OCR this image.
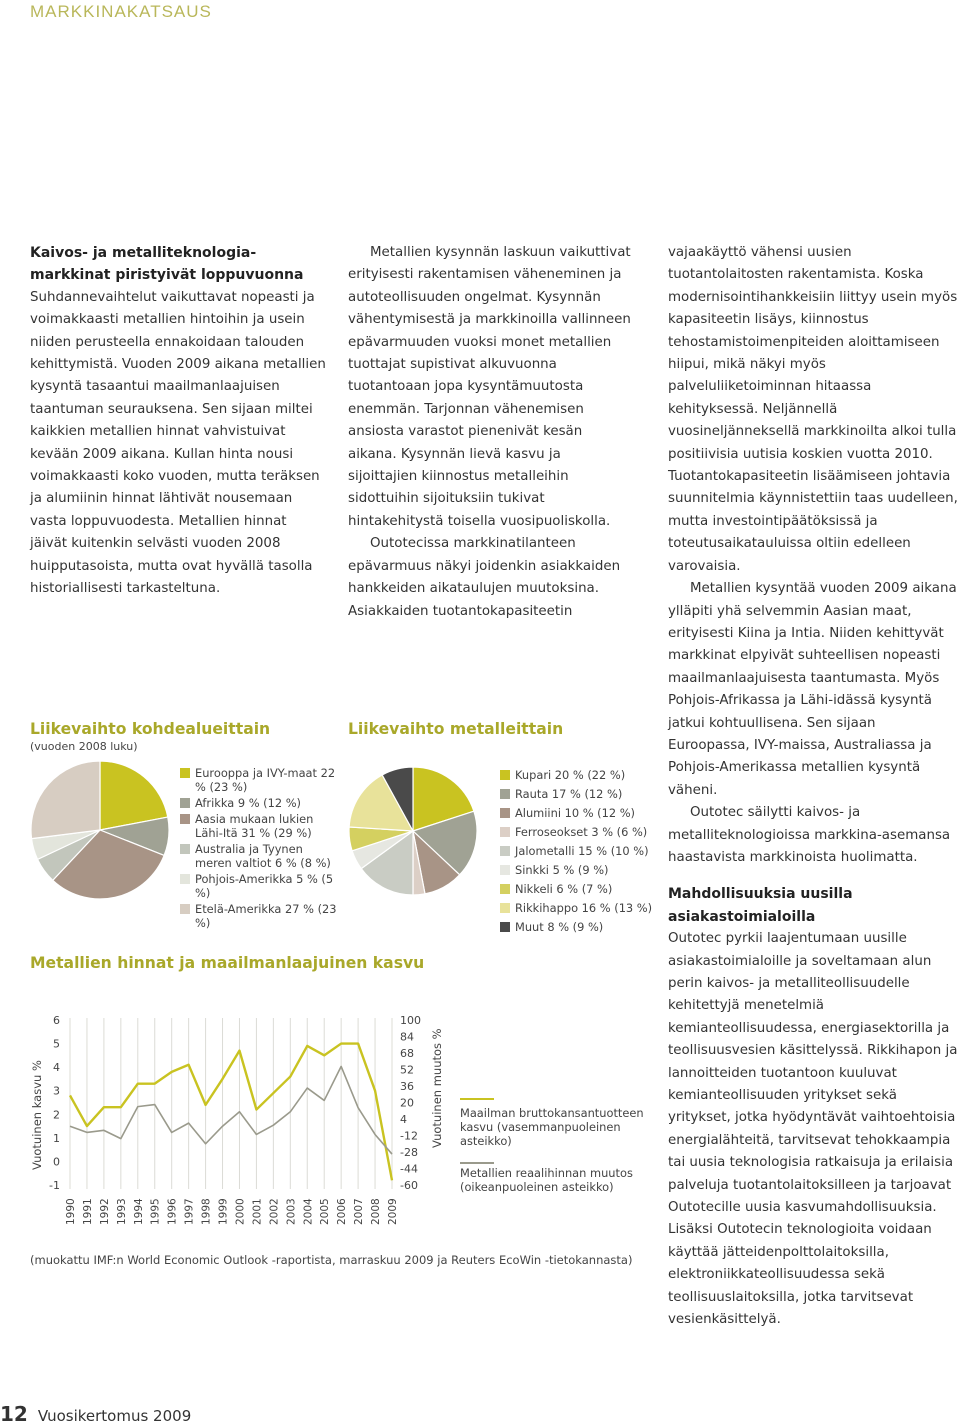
MARKKINAKATSAUS
Kaivos- ja metalliteknologiamarkkinat piristyivät loppuvuonna

Suhdannevaihtelut vaikuttavat nopeasti ja voimakkaasti metallien hintoihin ja usein niiden perusteella ennakoidaan talouden kehittymistä. Vuoden 2009 aikana metallien kysyntä tasaantui maailmanlaajuisen taantuman seurauksena. Sen sijaan miltei kaikkien metallien hinnat vahvistuivat kevään 2009 aikana. Kullan hinta nousi voimakkaasti koko vuoden, mutta teräksen ja alumiinin hinnat lähtivät nousemaan vasta loppuvuodesta. Metallien hinnat jäivät kuitenkin selvästi vuoden 2008 huipputasoista, mutta ovat hyvällä tasolla historiallisesti tarkasteltuna.

Metallien kysynnän laskuun vaikuttivat erityisesti rakentamisen väheneminen ja autoteollisuuden ongelmat. Kysynnän vähentymisestä ja markkinoilla vallinneen epävarmuuden vuoksi monet metallien tuottajat supistivat alkuvuonna tuotantoaan jopa kysyntämuutosta enemmän. Tarjonnan vähenemisen ansiosta varastot pienenivät kesän aikana. Kysynnän lievä kasvu ja sijoittajien kiinnostus metalleihin sidottuihin sijoituksiin tukivat hintakehitystä toisella vuosipuoliskolla.

Outotecissa markkinatilanteen epävarmuus näkyi joidenkin asiakkaiden hankkeiden aikataulujen muutoksina. Asiakkaiden tuotantokapasiteetin

vajaakäyttö vähensi uusien tuotantolaitosten rakentamista. Koska modernisointihankkeisiin liittyy usein myös kapasiteetin lisäys, kiinnostus tehostamistoimenpiteiden aloittamiseen hiipui, mikä näkyi myös palveluliiketoiminnan hitaassa kehityksessä. Neljännellä vuosineljänneksellä markkinoilta alkoi tulla positiivisia uutisia koskien vuotta 2010. Tuotantokapasiteetin lisäämiseen johtavia suunnitelmia käynnistettiin taas uudelleen, mutta investointipäätöksissä ja toteutusaikatauluissa oltiin edelleen varovaisia.

Metallien kysyntää vuoden 2009 aikana ylläpiti yhä selvemmin Aasian maat, erityisesti Kiina ja Intia. Niiden kehittyvät markkinat elpyivät suhteellisen nopeasti maailmanlaajuisesta taantumasta. Myös Pohjois-Afrikassa ja Lähi-idässä kysyntä jatkui kohtuullisena. Sen sijaan Euroopassa, IVY-maissa, Australiassa ja Pohjois-Amerikassa metallien kysyntä väheni.

Outotec säilytti kaivos- ja metalliteknologioissa markkina-asemansa haastavista markkinoista huolimatta.

Mahdollisuuksia uusilla asiakastoimialoilla

Outotec pyrkii laajentumaan uusille asiakastoimialoille ja soveltamaan alun perin kaivos- ja metalliteollisuudelle kehitettyjä menetelmiä kemianteollisuudessa, energiasektorilla ja teollisuusvesien käsittelyssä. Rikkihapon ja lannoitteiden tuotantoon kuuluvat kemianteollisuuden yritykset sekä yritykset, jotka hyödyntävät vaihtoehtoisia energialähteitä, tarvitsevat tehokkaampia tai uusia teknologisia ratkaisuja ja erilaisia palveluja tuotantolaitoksilleen ja tarjoavat Outotecille uusia kasvumahdollisuuksia. Lisäksi Outotecin teknologioita voidaan käyttää jätteidenpolttolaitoksilla, elektroniikkateollisuudessa sekä teollisuuslaitoksilla, jotka tarvitsevat vesienkäsittelyä.

Liikevaihto kohdealueittain
(vuoden 2008 luku)
Eurooppa ja IVY-maat 22 % (23 %)
Afrikka 9 % (12 %)
Aasia mukaan lukien Lähi-Itä 31 % (29 %)
Australia ja Tyynen meren valtiot 6 % (8 %)
Pohjois-Amerikka 5 % (5 %)
Etelä-Amerikka 27 % (23 %)
Liikevaihto metalleittain
Kupari 20 % (22 %)
Rauta 17 % (12 %)
Alumiini 10 % (12 %)
Ferroseokset 3 % (6 %)
Jalometalli 15 % (10 %)
Sinkki 5 % (9 %)
Nikkeli 6 % (7 %)
Rikkihappo 16 % (13 %)
Muut 8 % (9 %)
Metallien hinnat ja maailmanlaajuinen kasvu
Vuotuinen kasvu %	Vuotuinen muutos %
6
5
4
3
2
1
0
-1
100
84
68
52
36
20
4
-12
-28
-44
-60
1990 1991 1992 1993 1994 1995 1996 1997 1998 1999 2000 2001 2002 2003 2004 2005 2006 2007 2008 2009
Maailman bruttokansantuotteen kasvu (vasemmanpuoleinen asteikko)
Metallien reaalihinnan muutos (oikeanpuoleinen asteikko)
(muokattu IMF:n World Economic Outlook -raportista, marraskuu 2009 ja Reuters EcoWin -tietokannasta)
12 Vuosikertomus 2009
